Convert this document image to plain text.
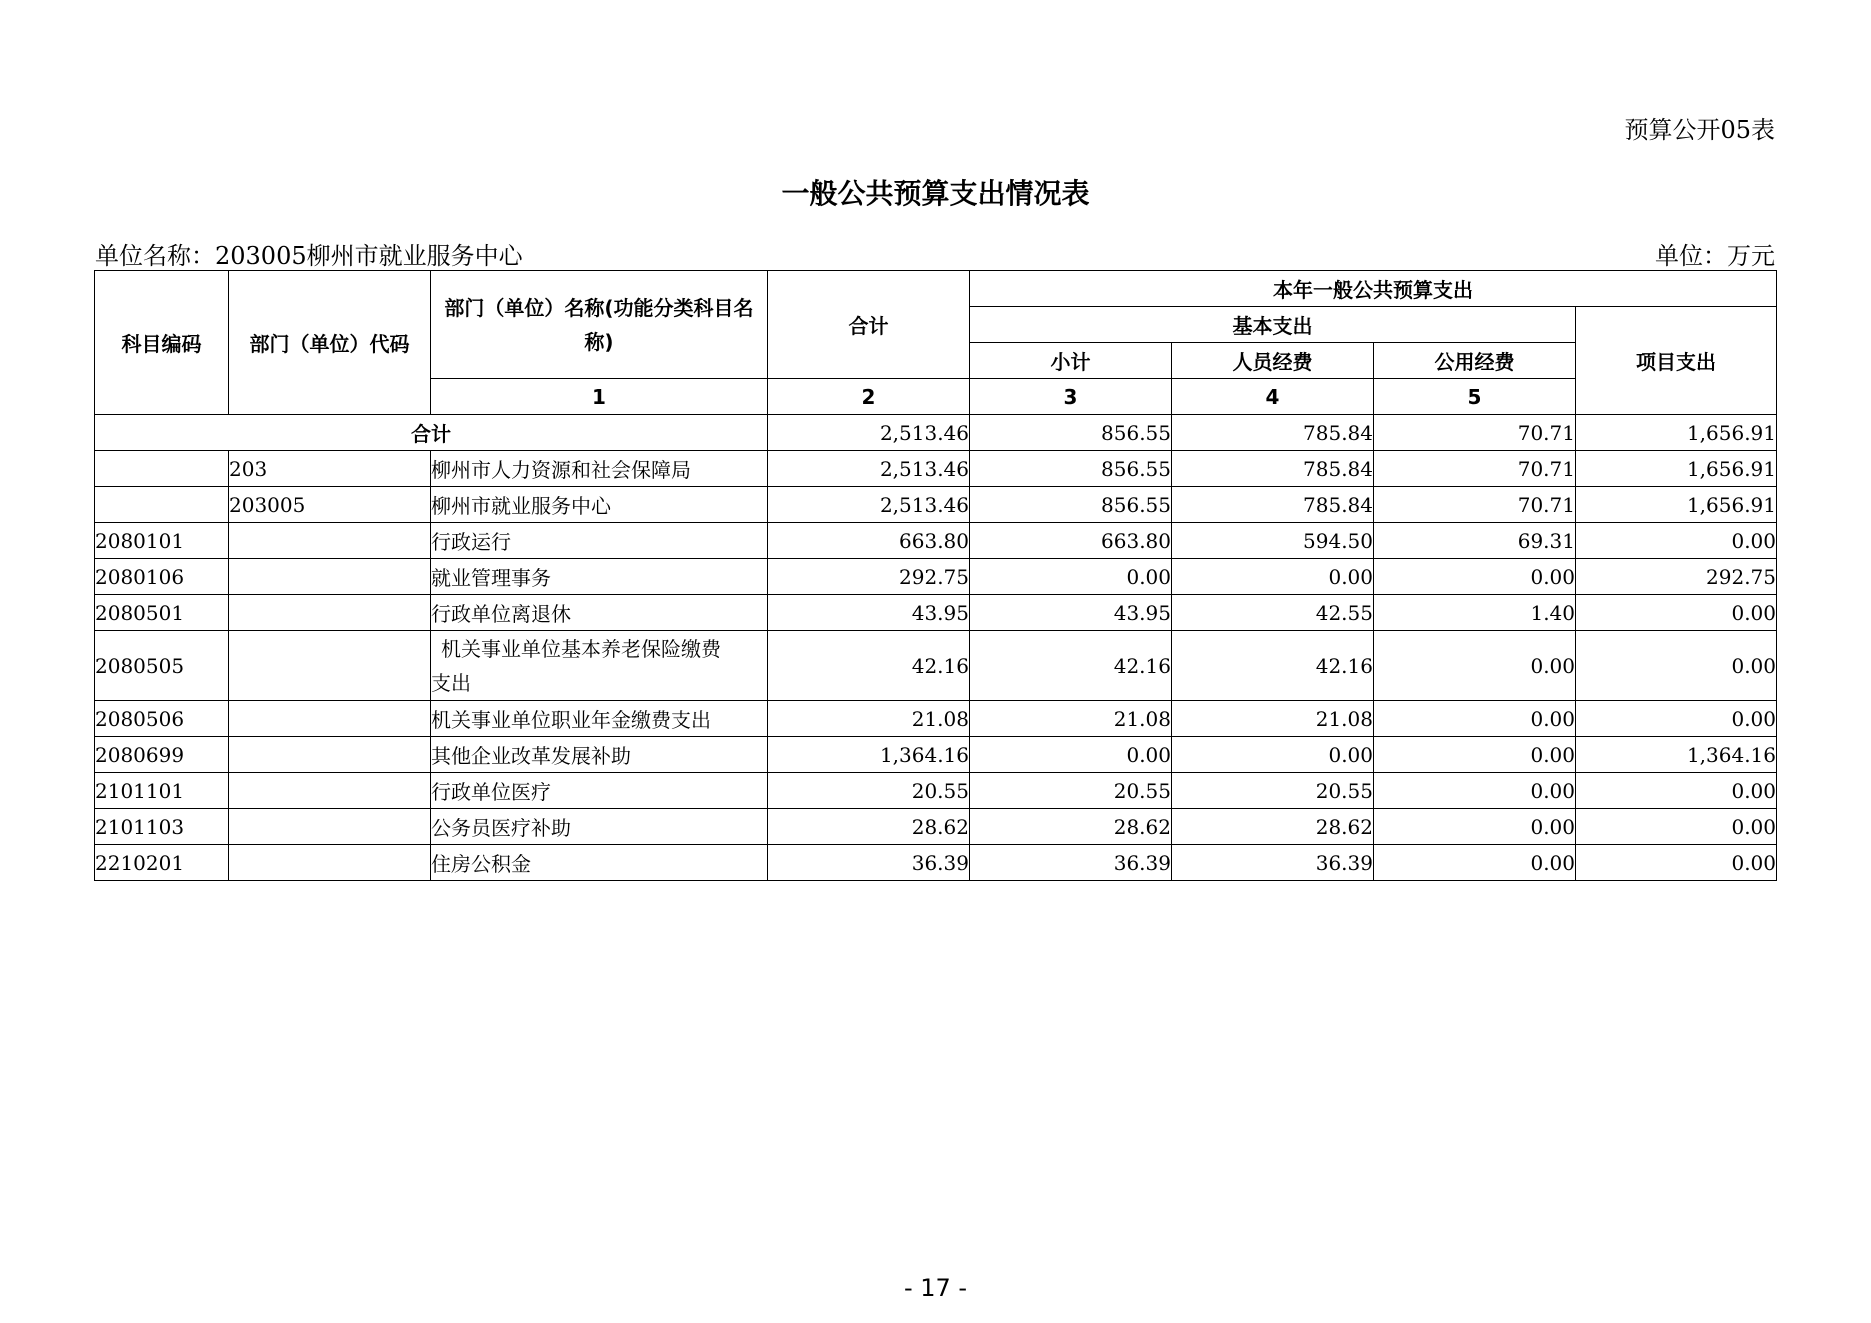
预算公开05表
一般公共预算支出情况表
单位名称：203005柳州市就业服务中心	单位：万元
科目编码	部门（单位）代码	部门（单位）名称(功能分类科目名称)	合计	本年一般公共预算支出			
				基本支出			项目支出
				小计	人员经费	公用经费	
		1	2	3	4	5	
合计			2,513.46	856.55	785.84	70.71	1,656.91
	203	柳州市人力资源和社会保障局	2,513.46	856.55	785.84	70.71	1,656.91
	203005	柳州市就业服务中心	2,513.46	856.55	785.84	70.71	1,656.91
2080101		行政运行	663.80	663.80	594.50	69.31	0.00
2080106		就业管理事务	292.75	0.00	0.00	0.00	292.75
2080501		行政单位离退休	43.95	43.95	42.55	1.40	0.00
2080505		机关事业单位基本养老保险缴费
支出	42.16	42.16	42.16	0.00	0.00
2080506		机关事业单位职业年金缴费支出	21.08	21.08	21.08	0.00	0.00
2080699		其他企业改革发展补助	1,364.16	0.00	0.00	0.00	1,364.16
2101101		行政单位医疗	20.55	20.55	20.55	0.00	0.00
2101103		公务员医疗补助	28.62	28.62	28.62	0.00	0.00
2210201		住房公积金	36.39	36.39	36.39	0.00	0.00
- 17 -
